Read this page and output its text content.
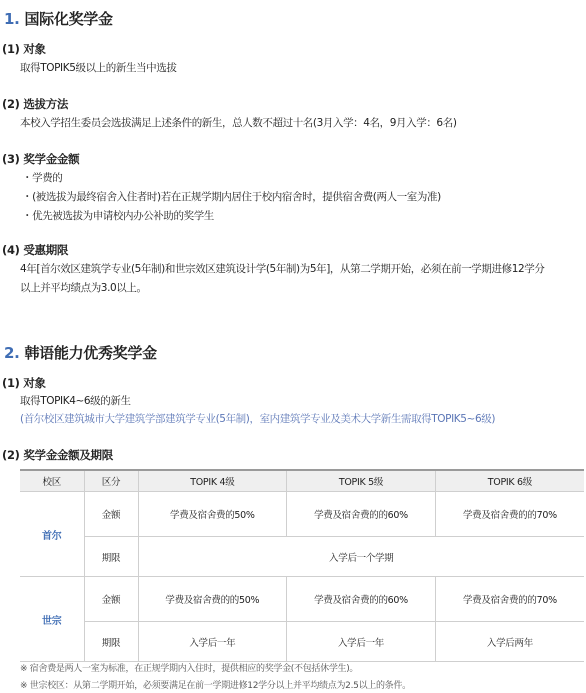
1. 国际化奖学金
(1) 对象
取得TOPIK5级以上的新生当中选拔
(2) 选拔方法
本校入学招生委员会选拔满足上述条件的新生，总人数不超过十名(3月入学：4名，9月入学：6名)
(3) 奖学金金额
・学费的
・(被选拔为最终宿舍入住者时)若在正规学期内居住于校内宿舍时，提供宿舍费(两人一室为准)
・优先被选拔为申请校内办公补助的奖学生
(4) 受惠期限
4年[首尔效区建筑学专业(5年制)和世宗效区建筑设计学(5年制)为5年]，从第二学期开始，必须在前一学期进修12学分
以上并平均绩点为3.0以上。
2. 韩语能力优秀奖学金
(1) 对象
取得TOPIK4~6级的新生
(首尔校区建筑城市大学建筑学部建筑学专业(5年制)，室内建筑学专业及美术大学新生需取得TOPIK5~6级)
(2) 奖学金金额及期限
校区	区分	TOPIK 4级	TOPIK 5级	TOPIK 6级
首尔	金额	学费及宿舍费的50%	学费及宿舍费的的60%	学费及宿舍费的的70%
	期限	入学后一个学期		
世宗	金额	学费及宿舍费的的50%	学费及宿舍费的的60%	学费及宿舍费的的70%
	期限	入学后一年	入学后一年	入学后两年
※ 宿舍费是两人一室为标准，在正规学期内入住时，提供相应的奖学金(不包括休学生)。
※ 世宗校区：从第二学期开始，必须要满足在前一学期进修12学分以上并平均绩点为2.5以上的条件。
